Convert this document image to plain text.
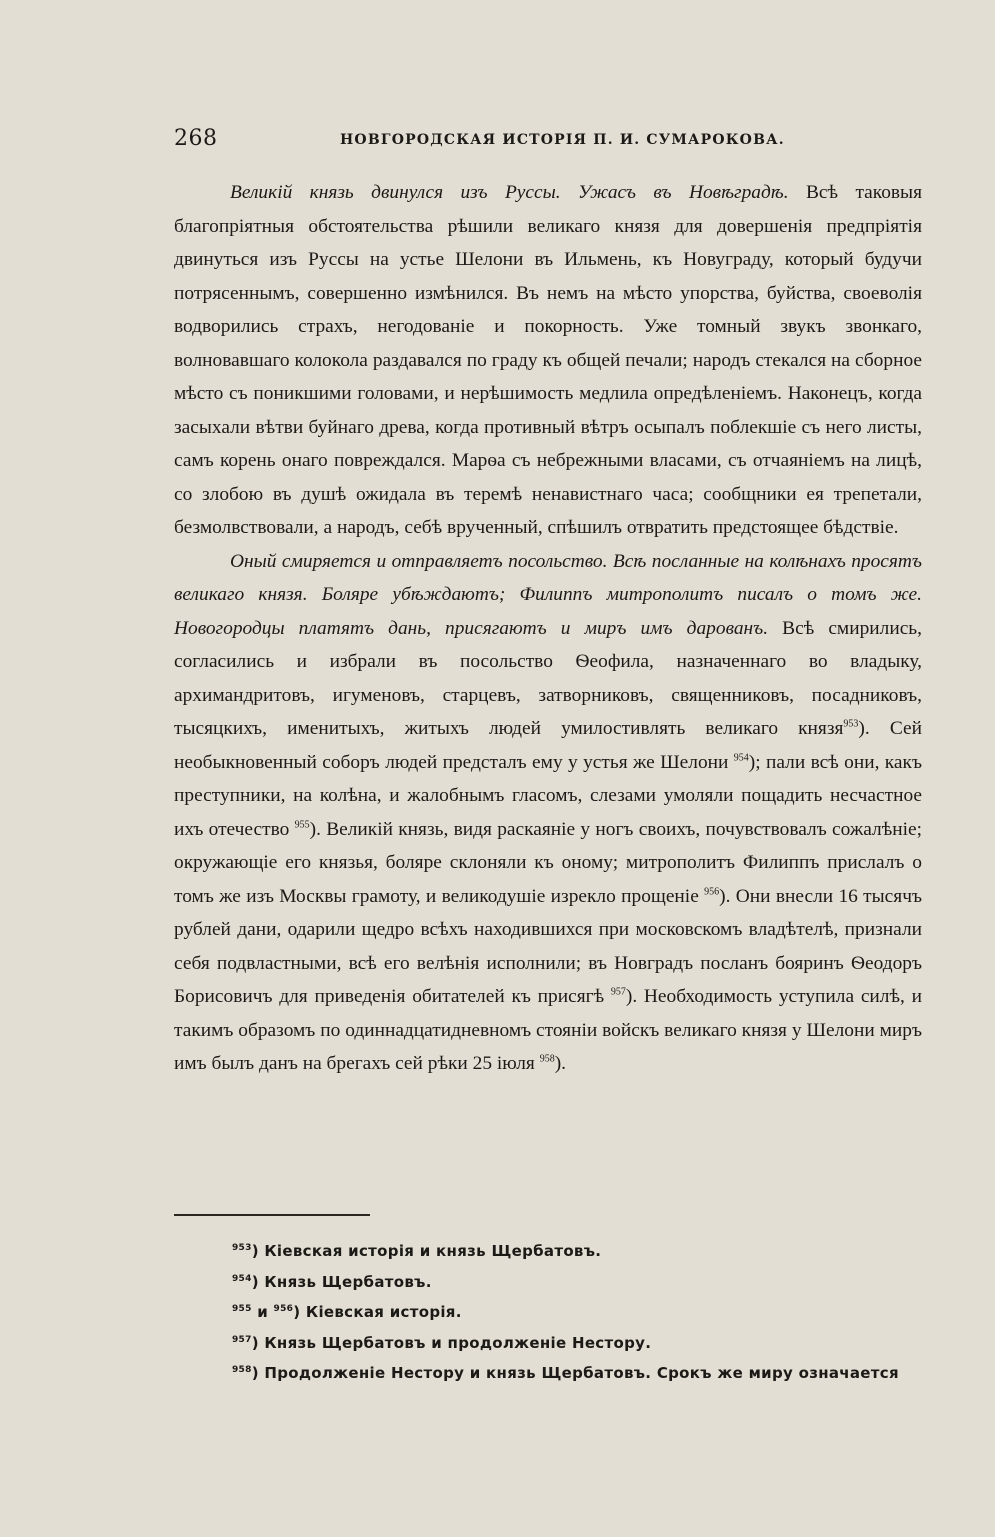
268	НОВГОРОДСКАЯ ИСТОРІЯ П. И. СУМАРОКОВА.

Великій князь двинулся изъ Руссы. Ужасъ въ Новѣградѣ. Всѣ таковыя благопріятныя обстоятельства рѣшили великаго князя для довершенія предпріятія двинуться изъ Руссы на устье Шелони въ Ильмень, къ Новуграду, который будучи потрясеннымъ, совершенно измѣнился. Въ немъ на мѣсто упорства, буйства, своеволія водворились страхъ, негодованіе и покорность. Уже томный звукъ звонкаго, волновавшаго колокола раздавался по граду къ общей печали; народъ стекался на сборное мѣсто съ поникшими головами, и нерѣшимость медлила опредѣленіемъ. Наконецъ, когда засыхали вѣтви буйнаго древа, когда противный вѣтръ осыпалъ поблекшіе съ него листы, самъ корень онаго повреждался. Марѳа съ небрежными власами, съ отчаяніемъ на лицѣ, со злобою въ душѣ ожидала въ теремѣ ненавистнаго часа; сообщники ея трепетали, безмолвствовали, а народъ, себѣ врученный, спѣшилъ отвратить предстоящее бѣдствіе.

Оный смиряется и отправляетъ посольство. Всѣ посланные на колѣнахъ просятъ великаго князя. Боляре убѣждаютъ; Филиппъ митрополитъ писалъ о томъ же. Новогородцы платятъ дань, присягаютъ и миръ имъ дарованъ. Всѣ смирились, согласились и избрали въ посольство Ѳеофила, назначеннаго во владыку, архимандритовъ, игуменовъ, старцевъ, затворниковъ, священниковъ, посадниковъ, тысяцкихъ, именитыхъ, житыхъ людей умилостивлять великаго князя$^{953}$). Сей необыкновенный соборъ людей предсталъ ему у устья же Шелони $^{954}$); пали всѣ они, какъ преступники, на колѣна, и жалобнымъ гласомъ, слезами умоляли пощадить несчастное ихъ отечество $^{955}$). Великій князь, видя раскаяніе у ногъ своихъ, почувствовалъ сожалѣніе; окружающіе его князья, боляре склоняли къ оному; митрополитъ Филиппъ прислалъ о томъ же изъ Москвы грамоту, и великодушіе изрекло прощеніе $^{956}$). Они внесли 16 тысячъ рублей дани, одарили щедро всѣхъ находившихся при московскомъ владѣтелѣ, признали себя подвластными, всѣ его велѣнія исполнили; въ Новградъ посланъ бояринъ Ѳеодоръ Борисовичъ для приведенія обитателей къ присягѣ $^{957}$). Необходимость уступила силѣ, и такимъ образомъ по одиннадцатидневномъ стояніи войскъ великаго князя у Шелони миръ имъ былъ данъ на брегахъ сей рѣки 25 іюля $^{958}$).

$^{953}$) Кіевская исторія и князь Щербатовъ.
$^{954}$) Князь Щербатовъ.
$^{955}$ и $^{956}$) Кіевская исторія.
$^{957}$) Князь Щербатовъ и продолженіе Нестору.
$^{958}$) Продолженіе Нестору и князь Щербатовъ. Срокъ же миру означается
